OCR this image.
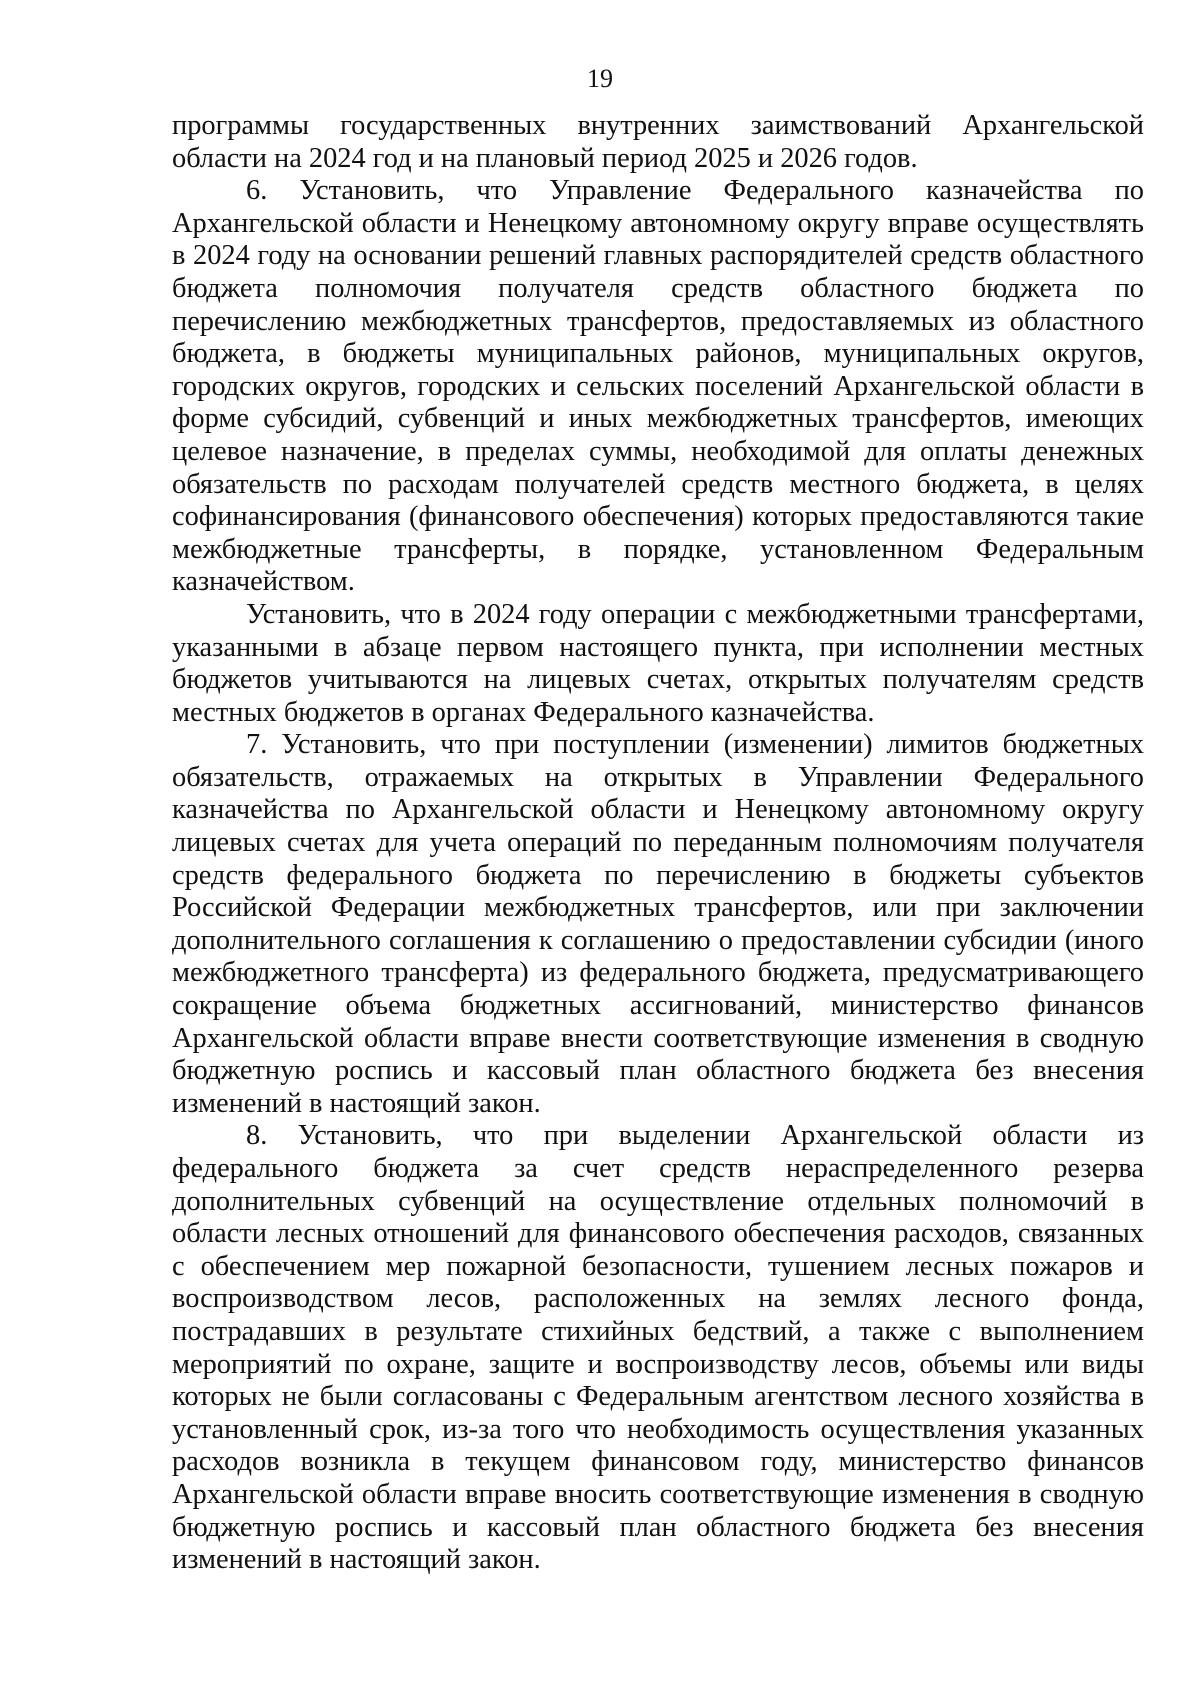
19

программы государственных внутренних заимствований Архангельской области на 2024 год и на плановый период 2025 и 2026 годов.

6. Установить, что Управление Федерального казначейства по Архангельской области и Ненецкому автономному округу вправе осуществлять в 2024 году на основании решений главных распорядителей средств областного бюджета полномочия получателя средств областного бюджета по перечислению межбюджетных трансфертов, предоставляемых из областного бюджета, в бюджеты муниципальных районов, муниципальных округов, городских округов, городских и сельских поселений Архангельской области в форме субсидий, субвенций и иных межбюджетных трансфертов, имеющих целевое назначение, в пределах суммы, необходимой для оплаты денежных обязательств по расходам получателей средств местного бюджета, в целях софинансирования (финансового обеспечения) которых предоставляются такие межбюджетные трансферты, в порядке, установленном Федеральным казначейством.

Установить, что в 2024 году операции с межбюджетными трансфертами, указанными в абзаце первом настоящего пункта, при исполнении местных бюджетов учитываются на лицевых счетах, открытых получателям средств местных бюджетов в органах Федерального казначейства.

7. Установить, что при поступлении (изменении) лимитов бюджетных обязательств, отражаемых на открытых в Управлении Федерального казначейства по Архангельской области и Ненецкому автономному округу лицевых счетах для учета операций по переданным полномочиям получателя средств федерального бюджета по перечислению в бюджеты субъектов Российской Федерации межбюджетных трансфертов, или при заключении дополнительного соглашения к соглашению о предоставлении субсидии (иного межбюджетного трансферта) из федерального бюджета, предусматривающего сокращение объема бюджетных ассигнований, министерство финансов Архангельской области вправе внести соответствующие изменения в сводную бюджетную роспись и кассовый план областного бюджета без внесения изменений в настоящий закон.

8. Установить, что при выделении Архангельской области из федерального бюджета за счет средств нераспределенного резерва дополнительных субвенций на осуществление отдельных полномочий в области лесных отношений для финансового обеспечения расходов, связанных с обеспечением мер пожарной безопасности, тушением лесных пожаров и воспроизводством лесов, расположенных на землях лесного фонда, пострадавших в результате стихийных бедствий, а также с выполнением мероприятий по охране, защите и воспроизводству лесов, объемы или виды которых не были согласованы с Федеральным агентством лесного хозяйства в установленный срок, из-за того что необходимость осуществления указанных расходов возникла в текущем финансовом году, министерство финансов Архангельской области вправе вносить соответствующие изменения в сводную бюджетную роспись и кассовый план областного бюджета без внесения изменений в настоящий закон.
